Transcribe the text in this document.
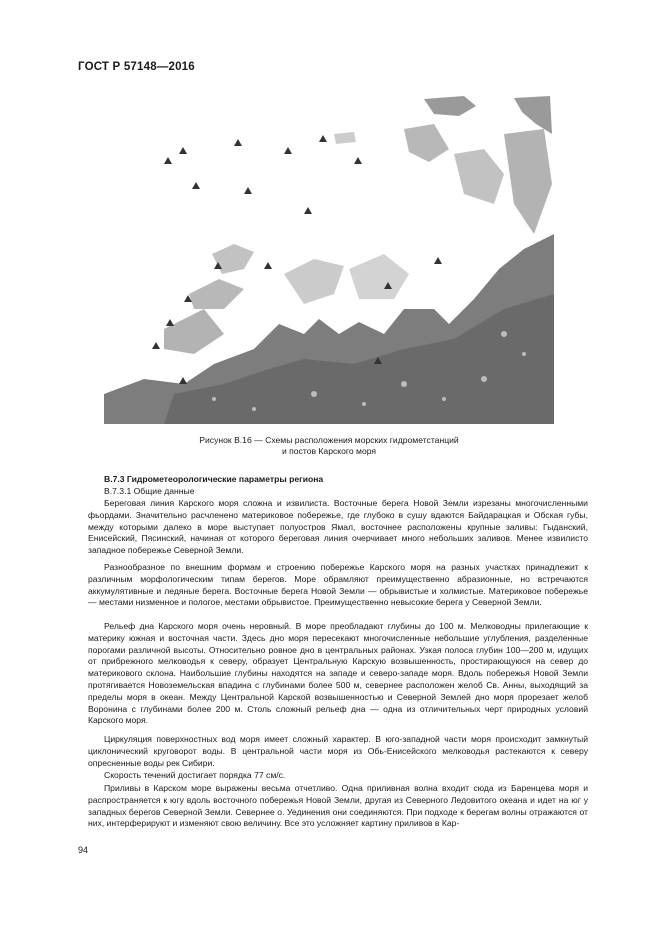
ГОСТ Р 57148—2016
Рисунок В.16 — Схемы расположения морских гидрометстанций
и постов Карского моря
В.7.3 Гидрометеорологические параметры региона
В.7.3.1 Общие данные

Береговая линия Карского моря сложна и извилиста. Восточные берега Новой Земли изрезаны многочисленными фьордами. Значительно расчленено материковое побережье, где глубоко в сушу вдаются Байдарацкая и Обская губы, между которыми далеко в море выступает полуостров Ямал, восточнее расположены крупные заливы: Гыданский, Енисейский, Пясинский, начиная от которого береговая линия очерчивает много небольших заливов. Менее извилисто западное побережье Северной Земли.

Разнообразное по внешним формам и строению побережье Карского моря на разных участках принадлежит к различным морфологическим типам берегов. Море обрамляют преимущественно абразионные, но встречаются аккумулятивные и ледяные берега. Восточные берега Новой Земли — обрывистые и холмистые. Материковое побережье — местами низменное и пологое, местами обрывистое. Преимущественно невысокие берега у Северной Земли.

Рельеф дна Карского моря очень неровный. В море преобладают глубины до 100 м. Мелководны прилегающие к материку южная и восточная части. Здесь дно моря пересекают многочисленные небольшие углубления, разделенные порогами различной высоты. Относительно ровное дно в центральных районах. Узкая полоса глубин 100—200 м, идущих от прибрежного мелководья к северу, образует Центральную Карскую возвышенность, простирающуюся на север до материкового склона. Наибольшие глубины находятся на западе и северо-западе моря. Вдоль побережья Новой Земли протягивается Новоземельская впадина с глубинами более 500 м, севернее расположен желоб Св. Анны, выходящий за пределы моря в океан. Между Центральной Карской возвышенностью и Северной Землей дно моря прорезает желоб Воронина с глубинами более 200 м. Столь сложный рельеф дна — одна из отличительных черт природных условий Карского моря.

Циркуляция поверхностных вод моря имеет сложный характер. В юго-западной части моря происходит замкнутый циклонический круговорот воды. В центральной части моря из Обь-Енисейского мелководья растекаются к северу опресненные воды рек Сибири.

Скорость течений достигает порядка 77 см/с.

Приливы в Карском море выражены весьма отчетливо. Одна приливная волна входит сюда из Баренцева моря и распространяется к югу вдоль восточного побережья Новой Земли, другая из Северного Ледовитого океана и идет на юг у западных берегов Северной Земли. Севернее о. Уединения они соединяются. При подходе к берегам волны отражаются от них, интерферируют и изменяют свою величину. Все это усложняет картину приливов в Кар-

94
